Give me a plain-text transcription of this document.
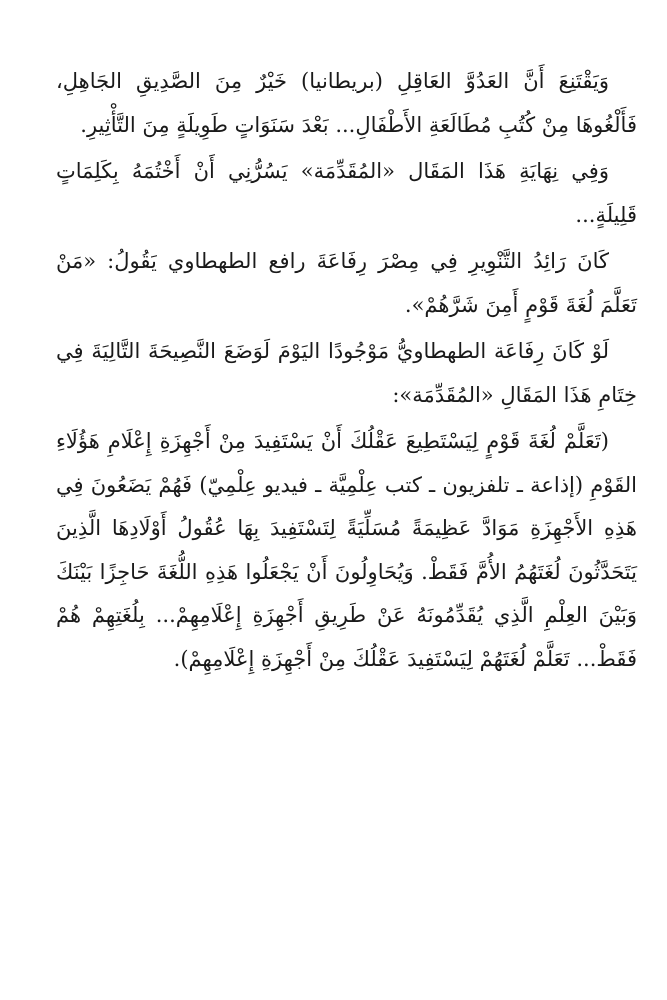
وَيَقْتَنِعَ أَنَّ العَدُوَّ العَاقِلِ (بريطانيا) خَيْرٌ مِنَ الصَّدِيقِ الجَاهِلِ، فَأَلْغُوهَا مِنْ كُتُبِ مُطَالَعَةِ الأَطْفَالِ... بَعْدَ سَنَوَاتٍ طَوِيلَةٍ مِنَ التَّأْثِيرِ.

وَفِي نِهَايَةِ هَذَا المَقَال «المُقَدِّمَة» يَسُرُّنِي أَنْ أَخْتُمَهُ بِكَلِمَاتٍ قَلِيلَةٍ...

كَانَ رَائِدُ التَّنْوِيرِ فِي مِصْرَ رِفَاعَةَ رافع الطهطاوي يَقُولُ: «مَنْ تَعَلَّمَ لُغَةَ قَوْمٍ أَمِنَ شَرَّهُمْ».

لَوْ كَانَ رِفَاعَة الطهطاويُّ مَوْجُودًا اليَوْمَ لَوَضَعَ النَّصِيحَةَ التَّالِيَةَ فِي خِتَامِ هَذَا المَقَالِ «المُقَدِّمَة»:

(تَعَلَّمْ لُغَةَ قَوْمٍ لِيَسْتَطِيعَ عَقْلُكَ أَنْ يَسْتَفِيدَ مِنْ أَجْهِزَةِ إِعْلَامِ هَؤُلَاءِ القَوْمِ (إذاعة ـ تلفزيون ـ كتب عِلْمِيَّة ـ فيديو عِلْمِيّ) فَهُمْ يَضَعُونَ فِي هَذِهِ الأَجْهِزَةِ مَوَادَّ عَظِيمَةً مُسَلِّيَةً لِتَسْتَفِيدَ بِهَا عُقُولُ أَوْلَادِهَا الَّذِينَ يَتَحَدَّثُونَ لُغَتَهُمُ الأُمَّ فَقَطْ. وَيُحَاوِلُونَ أَنْ يَجْعَلُوا هَذِهِ اللُّغَةَ حَاجِزًا بَيْنَكَ وَبَيْنَ العِلْمِ الَّذِي يُقَدِّمُونَهُ عَنْ طَرِيقِ أَجْهِزَةِ إِعْلَامِهِمْ... بِلُغَتِهِمْ هُمْ فَقَطْ... تَعَلَّمْ لُغَتَهُمْ لِيَسْتَفِيدَ عَقْلُكَ مِنْ أَجْهِزَةِ إِعْلَامِهِمْ).
